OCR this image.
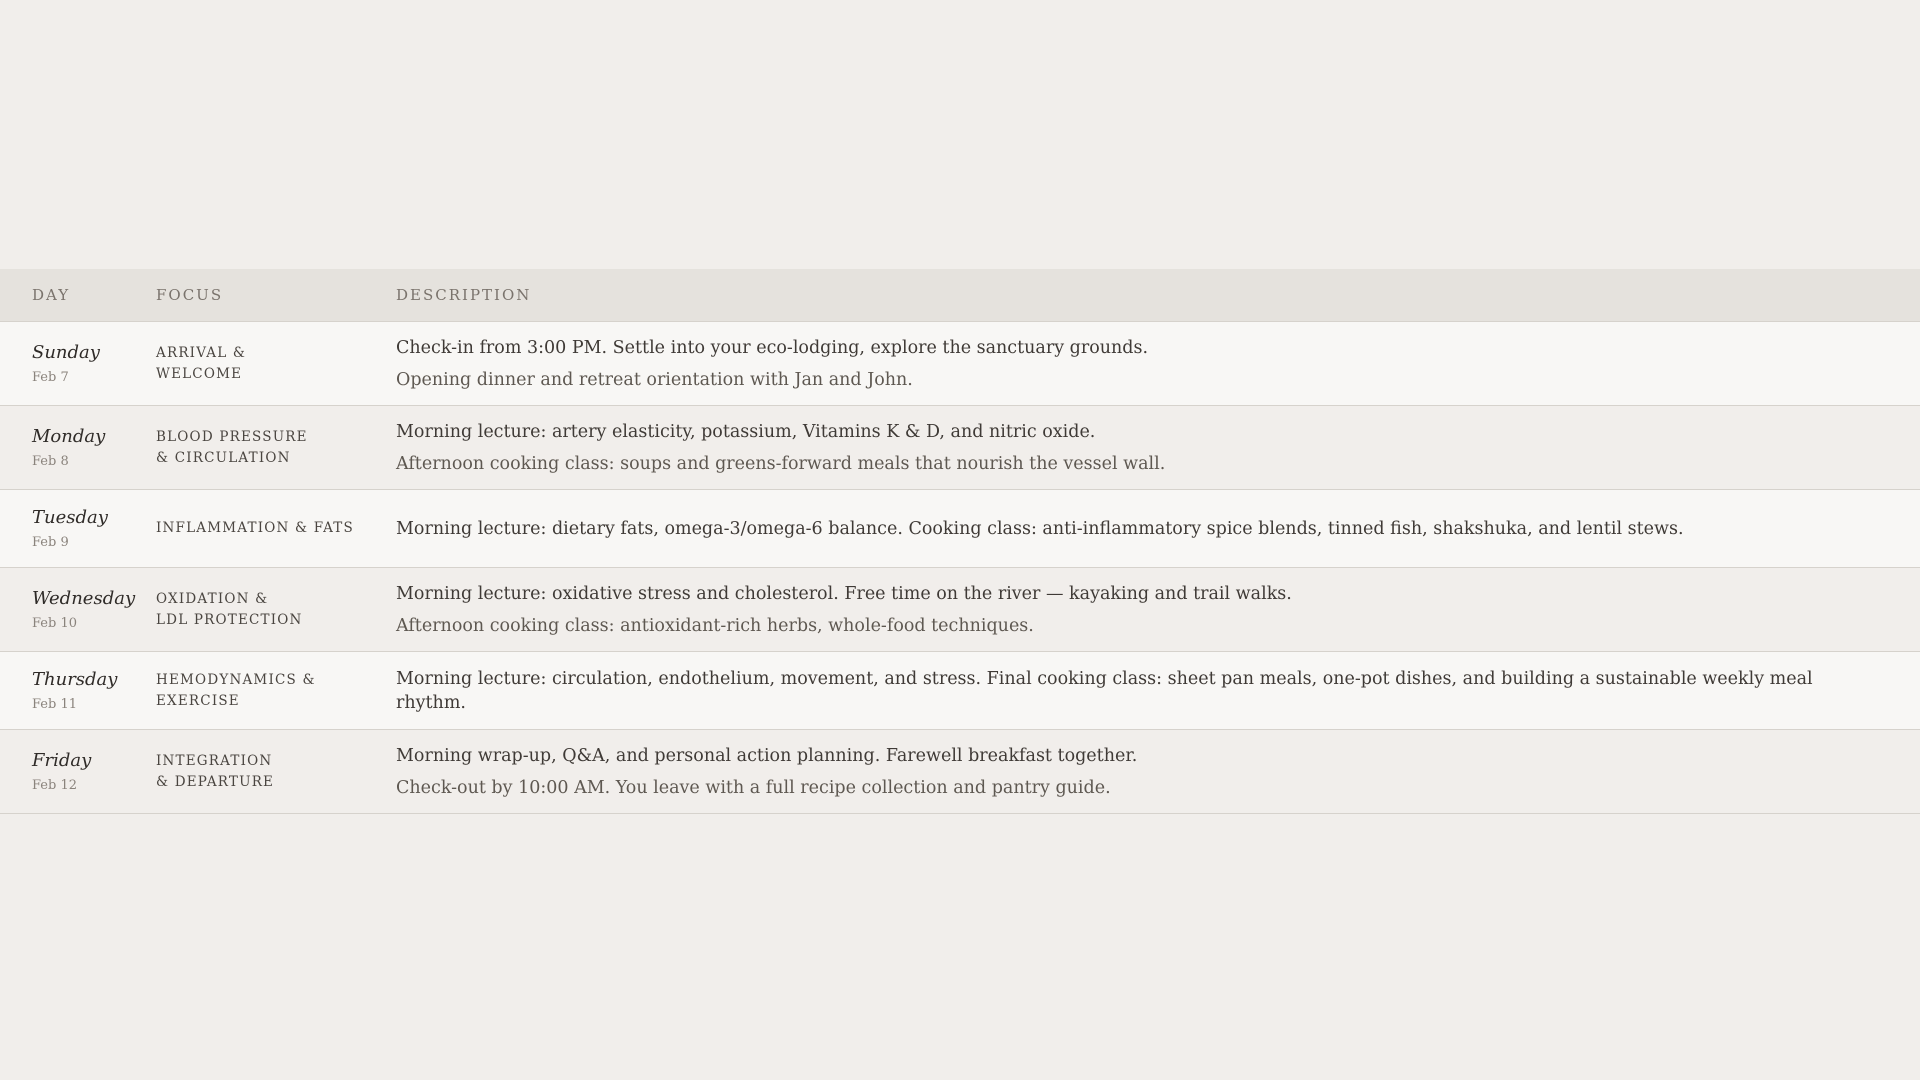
DAY	FOCUS	DESCRIPTION
Sunday
Feb 7
ARRIVAL & WELCOME
Check-in from 3:00 PM. Settle into your eco-lodging, explore the sanctuary grounds.
Opening dinner and retreat orientation with Jan and John.
Monday
Feb 8
BLOOD PRESSURE & CIRCULATION
Morning lecture: artery elasticity, potassium, Vitamins K & D, and nitric oxide.
Afternoon cooking class: soups and greens-forward meals that nourish the vessel wall.
Tuesday
Feb 9
INFLAMMATION & FATS Morning lecture: dietary fats, omega-3/omega-6 balance. Cooking class: anti-inflammatory spice blends, tinned fish, shakshuka, and lentil stews.
Wednesday
Feb 10
OXIDATION & LDL PROTECTION
Morning lecture: oxidative stress and cholesterol. Free time on the river — kayaking and trail walks.
Afternoon cooking class: antioxidant-rich herbs, whole-food techniques.
Thursday
Feb 11
HEMODYNAMICS & EXERCISE
Morning lecture: circulation, endothelium, movement, and stress. Final cooking class: sheet pan meals, one-pot dishes, and building a sustainable weekly meal rhythm.
Friday
Feb 12
INTEGRATION & DEPARTURE
Morning wrap-up, Q&A, and personal action planning. Farewell breakfast together.
Check-out by 10:00 AM. You leave with a full recipe collection and pantry guide.
